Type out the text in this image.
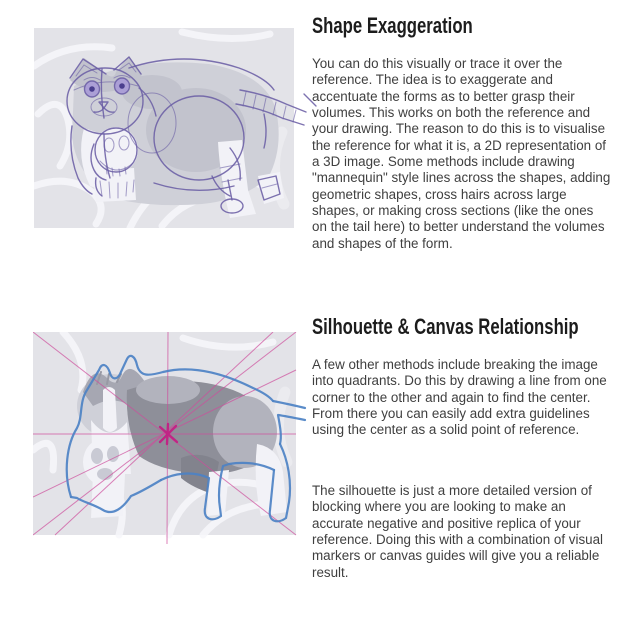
Shape Exaggeration

You can do this visually or trace it over the reference. The idea is to exaggerate and accentuate the forms as to better grasp their volumes. This works on both the reference and your drawing. The reason to do this is to visualise the reference for what it is, a 2D representation of a 3D image. Some methods include drawing "mannequin" style lines across the shapes, adding geometric shapes, cross hairs across large shapes, or making cross sections (like the ones on the tail here) to better understand the volumes and shapes of the form.

Silhouette & Canvas Relationship

A few other methods include breaking the image into quadrants. Do this by drawing a line from one corner to the other and again to find the center. From there you can easily add extra guidelines using the center as a solid point of reference.

The silhouette is just a more detailed version of blocking where you are looking to make an accurate negative and positive replica of your reference. Doing this with a combination of visual markers or canvas guides will give you a reliable result.
